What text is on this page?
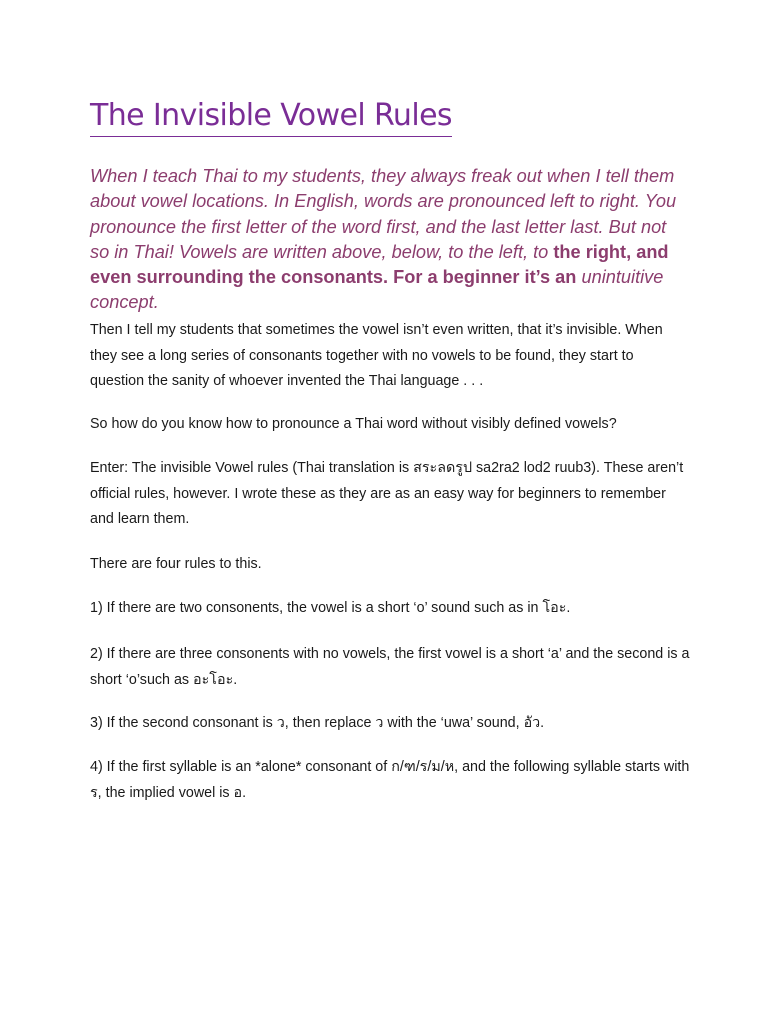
The Invisible Vowel Rules

When I teach Thai to my students, they always freak out when I tell them about vowel locations. In English, words are pronounced left to right. You pronounce the first letter of the word first, and the last letter last. But not so in Thai! Vowels are written above, below, to the left, to the right, and even surrounding the consonants. For a beginner it’s an unintuitive concept.

Then I tell my students that sometimes the vowel isn’t even written, that it’s invisible. When they see a long series of consonants together with no vowels to be found, they start to question the sanity of whoever invented the Thai language . . .

So how do you know how to pronounce a Thai word without visibly defined vowels?

Enter: The invisible Vowel rules (Thai translation is สระลดรูป sa2ra2 lod2 ruub3). These aren’t official rules, however. I wrote these as they are as an easy way for beginners to remember and learn them.

There are four rules to this.

1) If there are two consonents, the vowel is a short ‘o’ sound such as in โอะ.

2) If there are three consonents with no vowels, the first vowel is a short ‘a’ and the second is a short ‘o’such as อะโอะ.

3) If the second consonant is ว, then replace ว with the ‘uwa’ sound, อัว.

4) If the first syllable is an *alone* consonant of ก/ฑ/ร/ม/ห, and the following syllable starts with ร, the implied vowel is อ.
